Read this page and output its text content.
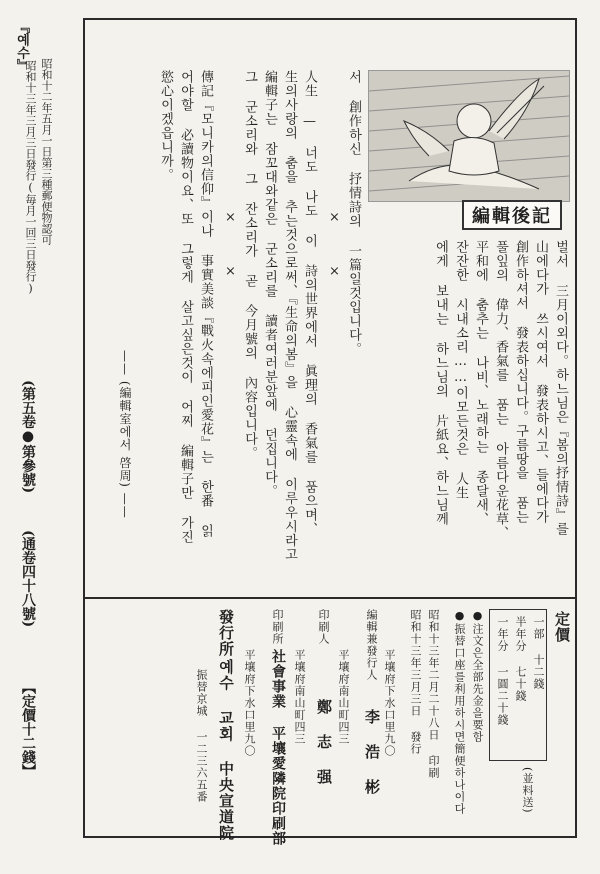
『예수』
昭和十二年五月一日第三種郵便物認可
昭和十三年三月三日發行(毎月一回三日發行)
(第五卷●第參號)
(通卷四十八號)
【定價十二錢】
編輯後記
벌서 三月이외다。하느님은『봄의抒情詩』를
山에다가 쓰시여서 發表하시고、들에다가
創作하셔서 發表하십니다。구름땅을 품는
풀잎의 偉力、香氣를 품는 아름다운花草、
平和에 춤추는 나비、노래하는 종달새、
잔잔한 시내소리……이모든것은 人生
에게 보내는 하느님의 片紙요、하느님께
서 創作하신 抒情詩의 一篇일것입니다。
×　　　×
人生 — 너도 나도 이 詩의世界에서 眞理의 香氣를 품으며、
生의사랑의 춤을 추는것으로써、『生命의봄』을 心靈속에 이루우시라고
編輯子는 잠꼬대와같은 군소리를 讀者여러분앞에 던집니다。
그 군소리와 그 잔소리가 곧 今月號의 內容입니다。
×　　　×
傳記『모니카의信仰』이나 事實美談『戰火속에피인愛花』는 한番 읽
어야할 必讀物이요、또 그렇게 살고싶은것이 어찌 編輯子만 가진
慾心이겠읍니까。
—— (編輯室에서 啓周) ——
定價
一部 十二錢
半年分 七十錢
一年分 一圓二十錢
(並料送)
●注文은全部先金을要함
●振替口座를利用하시면簡便하나이다
昭和十三年二月二十八日 印刷
昭和十三年三月三日 發行
平壤府下水口里九〇
編輯兼發行人
李 浩 彬
平壤府南山町四三
印刷人
鄭 志 强
平壤府南山町四三
印刷所
社會事業 平壤愛隣院印刷部
平壤府下水口里九〇
發行所
예수 교회 中央宣道院
振替京城 一二三六五番
